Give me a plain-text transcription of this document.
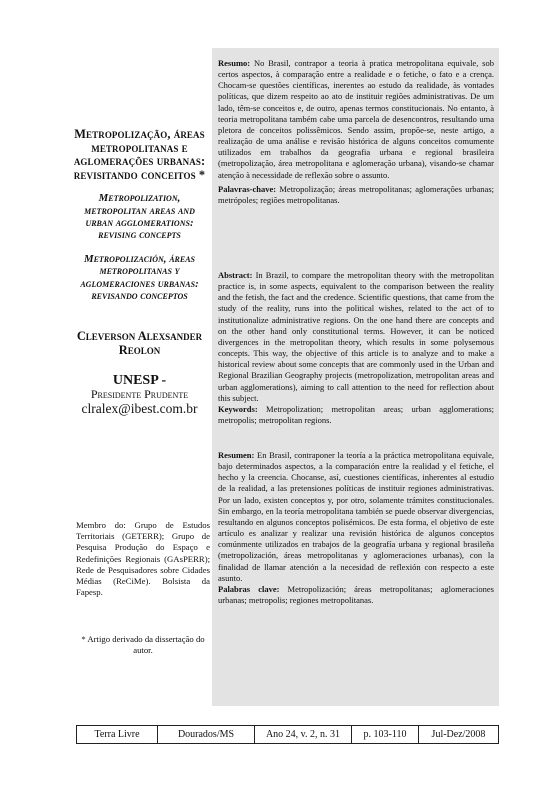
Metropolização, áreas metropolitanas e aglomerações urbanas: revisitando conceitos *
Metropolization, metropolitan areas and urban agglomerations: revising concepts
Metropolización, áreas metropolitanas y aglomeraciones urbanas: revisando conceptos
Cleverson Alexsander Reolon
UNESP -
Presidente Prudente
clralex@ibest.com.br
Membro do: Grupo de Estudos Territoriais (GETERR); Grupo de Pesquisa Produção do Espaço e Redefinições Regionais (GAsPERR); Rede de Pesquisadores sobre Cidades Médias (ReCiMe). Bolsista da Fapesp.
* Artigo derivado da dissertação do autor.
Resumo: No Brasil, contrapor a teoria à pratica metropolitana equivale, sob certos aspectos, à comparação entre a realidade e o fetiche, o fato e a crença. Chocam-se questões científicas, inerentes ao estudo da realidade, às vontades políticas, que dizem respeito ao ato de instituir regiões administrativas. De um lado, têm-se conceitos e, de outro, apenas termos constitucionais. No entanto, à teoria metropolitana também cabe uma parcela de desencontros, resultando uma pletora de conceitos polissêmicos. Sendo assim, propõe-se, neste artigo, a realização de uma análise e revisão histórica de alguns conceitos comumente utilizados em trabalhos da geografia urbana e regional brasileira (metropolização, área metropolitana e aglomeração urbana), visando-se chamar atenção à necessidade de reflexão sobre o assunto.
Palavras-chave: Metropolização; áreas metropolitanas; aglomerações urbanas; metrópoles; regiões metropolitanas.
Abstract: In Brazil, to compare the metropolitan theory with the metropolitan practice is, in some aspects, equivalent to the comparison between the reality and the fetish, the fact and the credence. Scientific questions, that came from the study of the reality, runs into the political wishes, related to the act of to institutionalize administrative regions. On the one hand there are concepts and on the other hand only constitutional terms. However, it can be noticed divergences in the metropolitan theory, which results in some polysemous concepts. This way, the objective of this article is to analyze and to make a historical review about some concepts that are commonly used in the Urban and Regional Brazilian Geography projects (metropolization, metropolitan areas and urban agglomerations), aiming to call attention to the need for reflection about this subject.
Keywords: Metropolization; metropolitan areas; urban agglomerations; metropolis; metropolitan regions.
Resumen: En Brasil, contraponer la teoría a la práctica metropolitana equivale, bajo determinados aspectos, a la comparación entre la realidad y el fetiche, el hecho y la creencia. Chocanse, así, cuestiones científicas, inherentes al estudio de la realidad, a las pretensiones políticas de instituir regiones administrativas. Por un lado, existen conceptos y, por otro, solamente trámites constitucionales. Sin embargo, en la teoría metropolitana también se puede observar divergencias, resultando en algunos conceptos polisémicos. De esta forma, el objetivo de este artículo es analizar y realizar una revisión histórica de algunos conceptos comúnmente utilizados en trabajos de la geografía urbana y regional brasileña (metropolización, áreas metropolitanas y aglomeraciones urbanas), con la finalidad de llamar atención a la necesidad de reflexión con respecto a este asunto.
Palabras clave: Metropolización; áreas metropolitanas; aglomeraciones urbanas; metropolis; regiones metropolitanas.
Terra Livre	Dourados/MS	Ano 24, v. 2, n. 31	p. 103-110	Jul-Dez/2008
